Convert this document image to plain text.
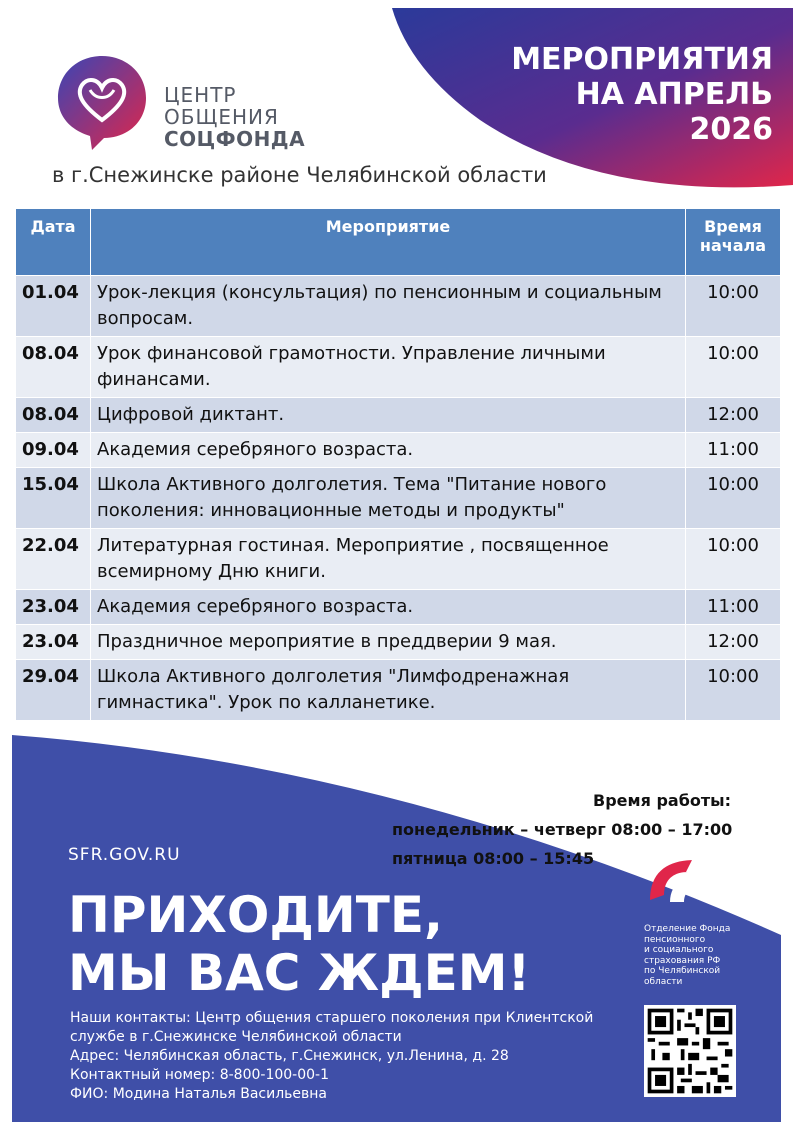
ЦЕНТР
ОБЩЕНИЯ
СОЦФОНДА
в г.Снежинске районе Челябинской области
МЕРОПРИЯТИЯ
НА АПРЕЛЬ
2026
Дата	Мероприятие	Время начала
01.04	Урок-лекция (консультация) по пенсионным и социальным вопросам.	10:00
08.04	Урок финансовой грамотности. Управление личными финансами.	10:00
08.04	Цифровой диктант.	12:00
09.04	Академия серебряного возраста.	11:00
15.04	Школа Активного долголетия. Тема "Питание нового поколения: инновационные методы и продукты"	10:00
22.04	Литературная гостиная. Мероприятие , посвященное всемирному Дню книги.	10:00
23.04	Академия серебряного возраста.	11:00
23.04	Праздничное мероприятие в преддверии 9 мая.	12:00
29.04	Школа Активного долголетия "Лимфодренажная гимнастика". Урок по калланетике.	10:00
Время работы:
понедельник – четверг 08:00 – 17:00
пятница 08:00 – 15:45
SFR.GOV.RU
ПРИХОДИТЕ,
МЫ ВАС ЖДЕМ!
Наши контакты: Центр общения старшего поколения при Клиентской
службе в г.Снежинске Челябинской области
Адрес: Челябинская область, г.Снежинск, ул.Ленина, д. 28
Контактный номер: 8-800-100-00-1
ФИО: Модина Наталья Васильевна
Отделение Фонда
пенсионного
и социального
страхования РФ
по Челябинской
области
